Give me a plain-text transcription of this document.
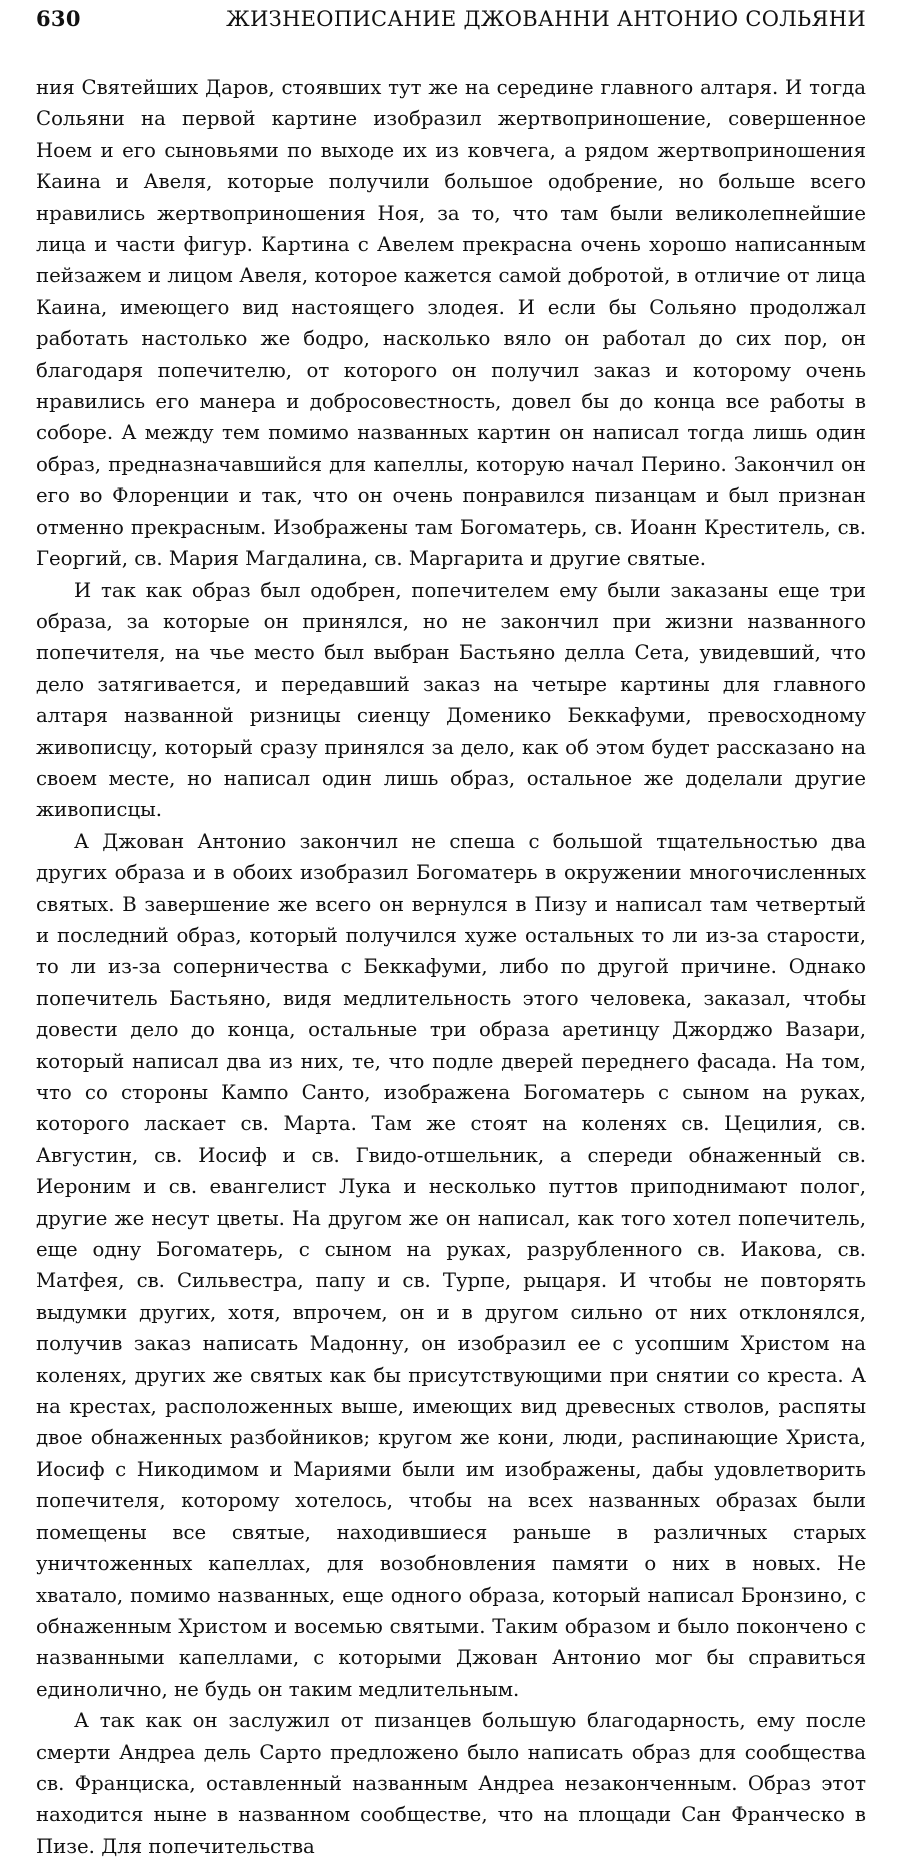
630	ЖИЗНЕОПИСАНИЕ ДЖОВАННИ АНТОНИО СОЛЬЯНИ

ния Святейших Даров, стоявших тут же на середине главного алтаря. И тогда Сольяни на первой картине изобразил жертвоприношение, совершенное Ноем и его сыновьями по выходе их из ковчега, а рядом жертвоприношения Каина и Авеля, которые получили большое одобрение, но больше всего нравились жертвоприношения Ноя, за то, что там были великолепнейшие лица и части фигур. Картина с Авелем прекрасна очень хорошо написанным пейзажем и лицом Авеля, которое кажется самой добротой, в отличие от лица Каина, имеющего вид настоящего злодея. И если бы Сольяно продолжал работать настолько же бодро, насколько вяло он работал до сих пор, он благодаря попечителю, от которого он получил заказ и которому очень нравились его манера и добросовестность, довел бы до конца все работы в соборе. А между тем помимо названных картин он написал тогда лишь один образ, предназначавшийся для капеллы, которую начал Перино. Закончил он его во Флоренции и так, что он очень понравился пизанцам и был признан отменно прекрасным. Изображены там Богоматерь, св. Иоанн Креститель, св. Георгий, св. Мария Магдалина, св. Маргарита и другие святые.

И так как образ был одобрен, попечителем ему были заказаны еще три образа, за которые он принялся, но не закончил при жизни названного попечителя, на чье место был выбран Бастьяно делла Сета, увидевший, что дело затягивается, и передавший заказ на четыре картины для главного алтаря названной ризницы сиенцу Доменико Беккафуми, превосходному живописцу, который сразу принялся за дело, как об этом будет рассказано на своем месте, но написал один лишь образ, остальное же доделали другие живописцы.

А Джован Антонио закончил не спеша с большой тщательностью два других образа и в обоих изобразил Богоматерь в окружении многочисленных святых. В завершение же всего он вернулся в Пизу и написал там четвертый и последний образ, который получился хуже остальных то ли из-за старости, то ли из-за соперничества с Беккафуми, либо по другой причине. Однако попечитель Бастьяно, видя медлительность этого человека, заказал, чтобы довести дело до конца, остальные три образа аретинцу Джорджо Вазари, который написал два из них, те, что подле дверей переднего фасада. На том, что со стороны Кампо Санто, изображена Богоматерь с сыном на руках, которого ласкает св. Марта. Там же стоят на коленях св. Цецилия, св. Августин, св. Иосиф и св. Гвидо-отшельник, а спереди обнаженный св. Иероним и св. евангелист Лука и несколько путтов приподнимают полог, другие же несут цветы. На другом же он написал, как того хотел попечитель, еще одну Богоматерь, с сыном на руках, разрубленного св. Иакова, св. Матфея, св. Сильвестра, папу и св. Турпе, рыцаря. И чтобы не повторять выдумки других, хотя, впрочем, он и в другом сильно от них отклонялся, получив заказ написать Мадонну, он изобразил ее с усопшим Христом на коленях, других же святых как бы присутствующими при снятии со креста. А на крестах, расположенных выше, имеющих вид древесных стволов, распяты двое обнаженных разбойников; кругом же кони, люди, распинающие Христа, Иосиф с Никодимом и Мариями были им изображены, дабы удовлетворить попечителя, которому хотелось, чтобы на всех названных образах были помещены все святые, находившиеся раньше в различных старых уничтоженных капеллах, для возобновления памяти о них в новых. Не хватало, помимо названных, еще одного образа, который написал Бронзино, с обнаженным Христом и восемью святыми. Таким образом и было покончено с названными капеллами, с которыми Джован Антонио мог бы справиться единолично, не будь он таким медлительным.

А так как он заслужил от пизанцев большую благодарность, ему после смерти Андреа дель Сарто предложено было написать образ для сообщества св. Франциска, оставленный названным Андреа незаконченным. Образ этот находится ныне в названном сообществе, что на площади Сан Франческо в Пизе. Для попечительства
